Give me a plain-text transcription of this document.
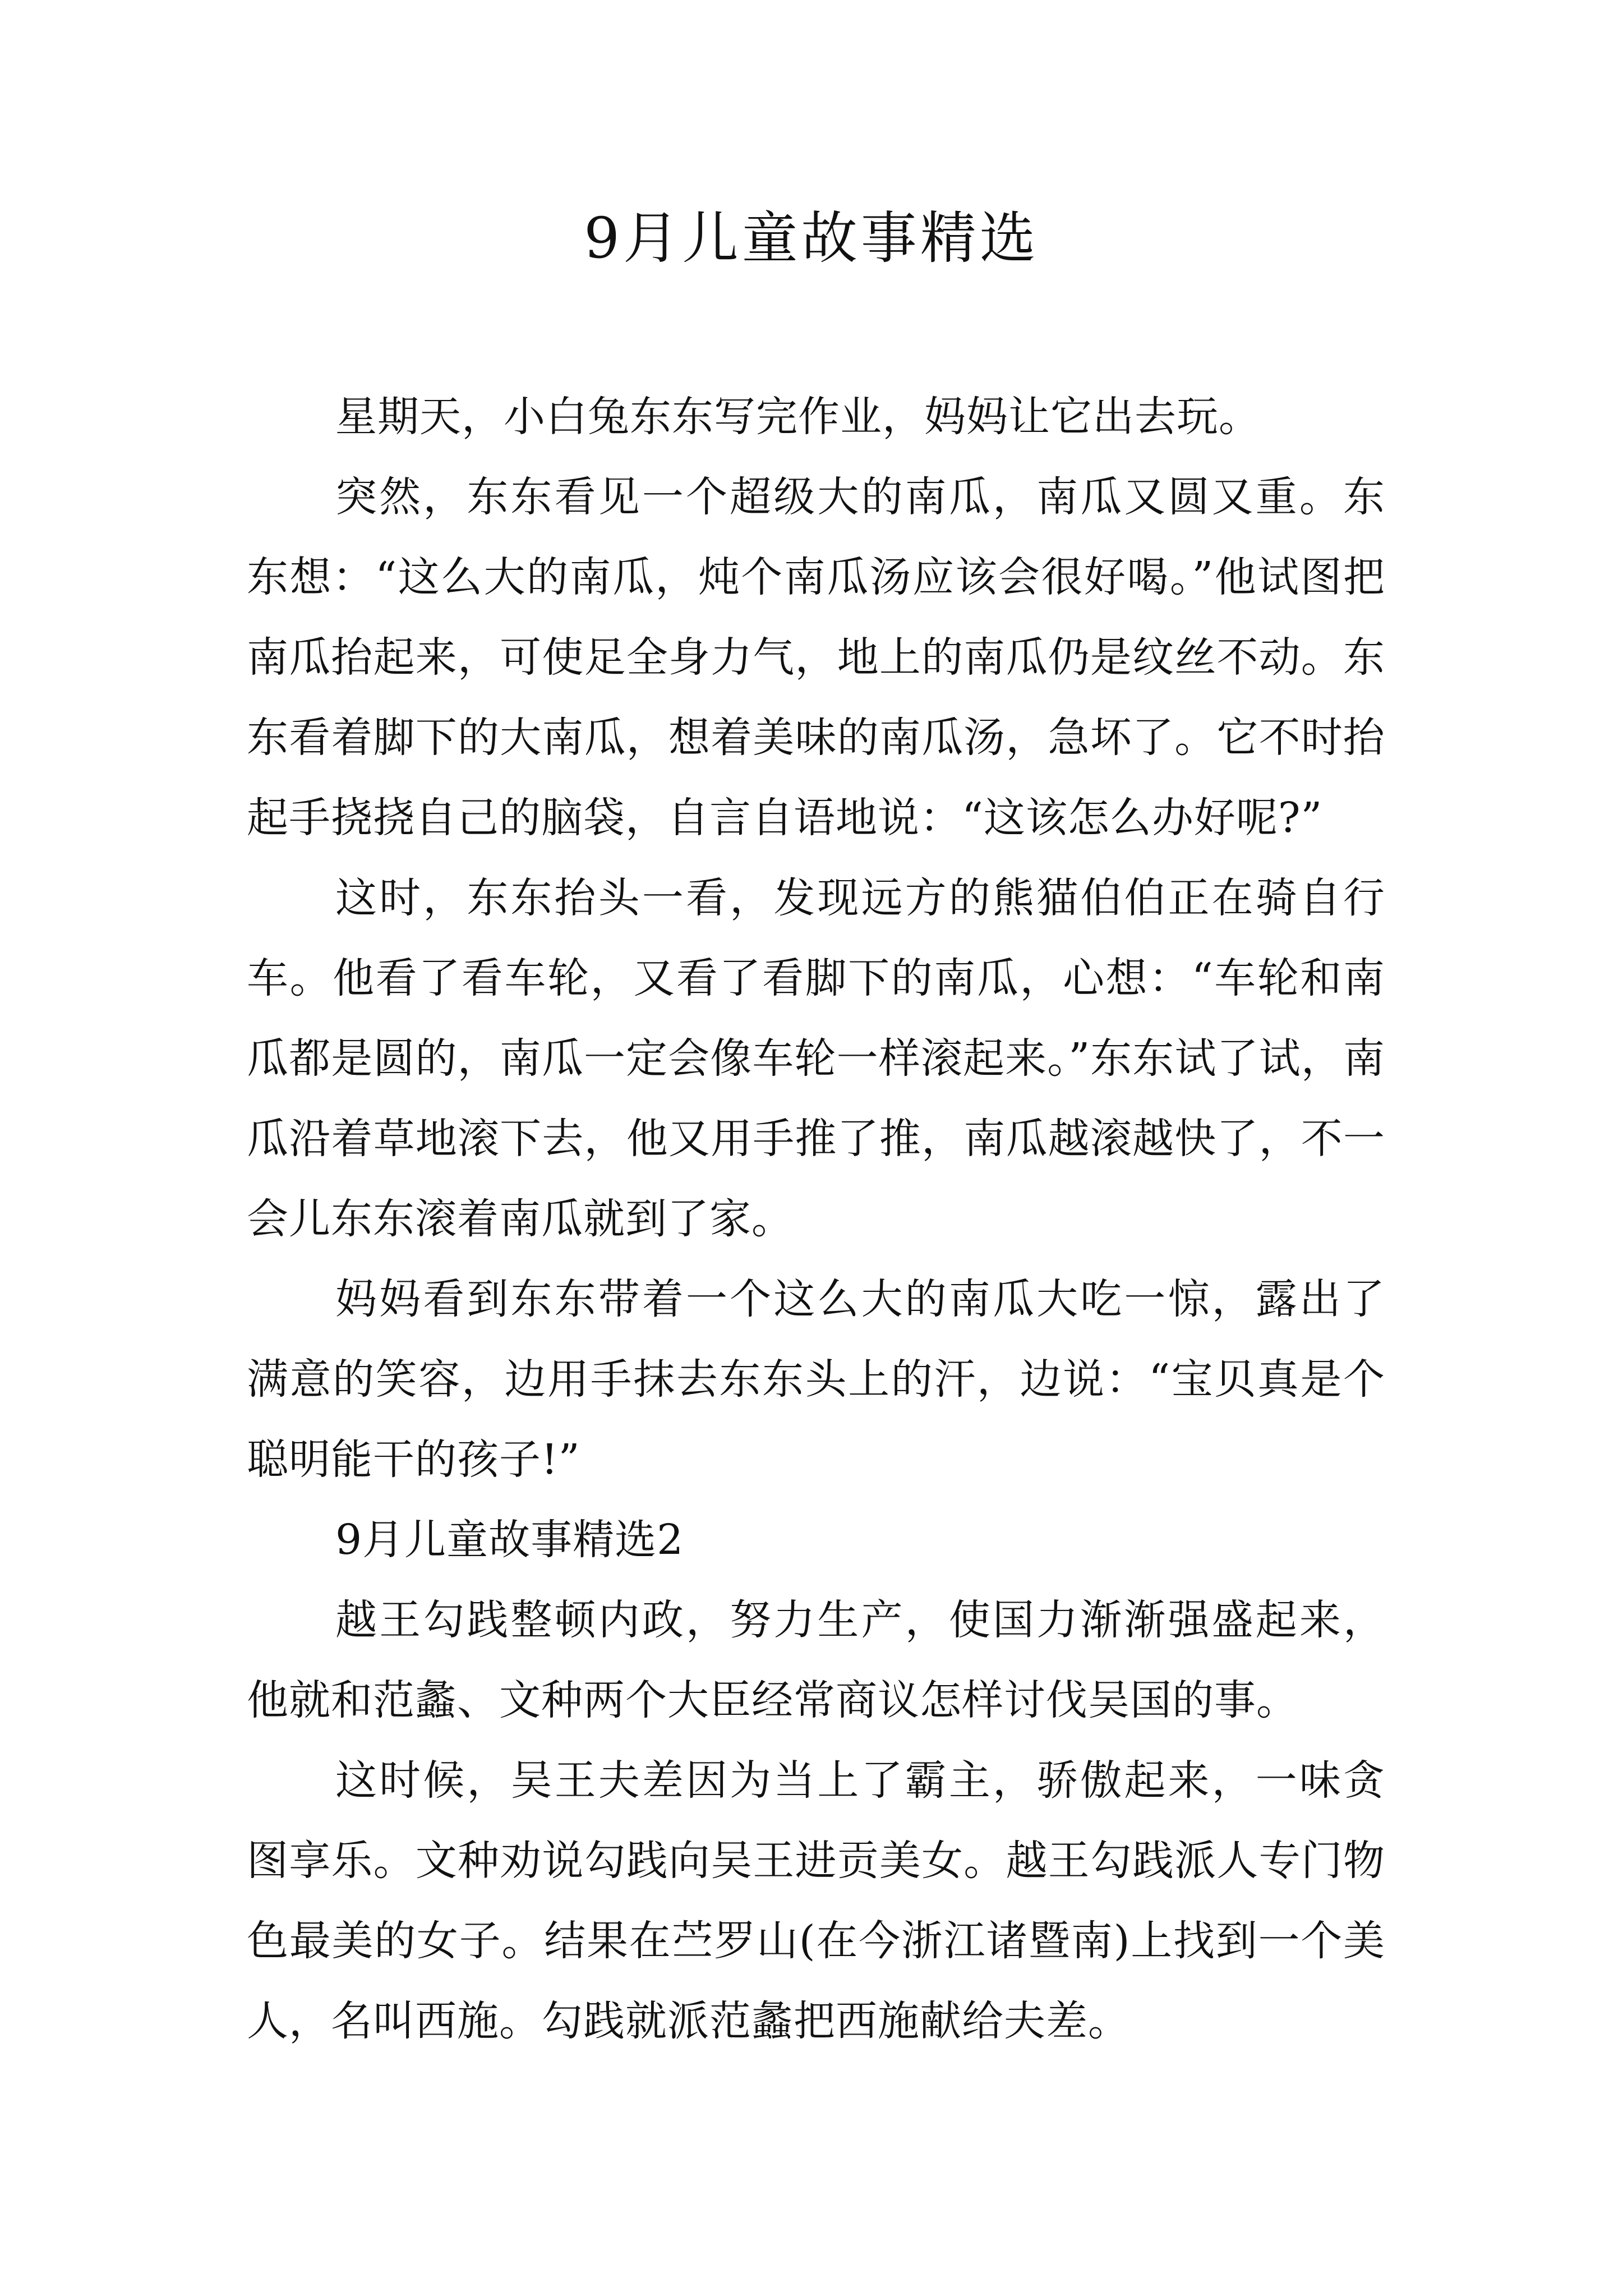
9月儿童故事精选

星期天，小白兔东东写完作业，妈妈让它出去玩。

突然，东东看见一个超级大的南瓜，南瓜又圆又重。东东想：“这么大的南瓜，炖个南瓜汤应该会很好喝。”他试图把南瓜抬起来，可使足全身力气，地上的南瓜仍是纹丝不动。东东看着脚下的大南瓜，想着美味的南瓜汤，急坏了。它不时抬起手挠挠自己的脑袋，自言自语地说：“这该怎么办好呢?”

这时，东东抬头一看，发现远方的熊猫伯伯正在骑自行车。他看了看车轮，又看了看脚下的南瓜，心想：“车轮和南瓜都是圆的，南瓜一定会像车轮一样滚起来。”东东试了试，南瓜沿着草地滚下去，他又用手推了推，南瓜越滚越快了，不一会儿东东滚着南瓜就到了家。

妈妈看到东东带着一个这么大的南瓜大吃一惊，露出了满意的笑容，边用手抹去东东头上的汗，边说：“宝贝真是个聪明能干的孩子!”

9月儿童故事精选2

越王勾践整顿内政，努力生产，使国力渐渐强盛起来，他就和范蠡、文种两个大臣经常商议怎样讨伐吴国的事。

这时候，吴王夫差因为当上了霸主，骄傲起来，一味贪图享乐。文种劝说勾践向吴王进贡美女。越王勾践派人专门物色最美的女子。结果在苎罗山(在今浙江诸暨南)上找到一个美人，名叫西施。勾践就派范蠡把西施献给夫差。
